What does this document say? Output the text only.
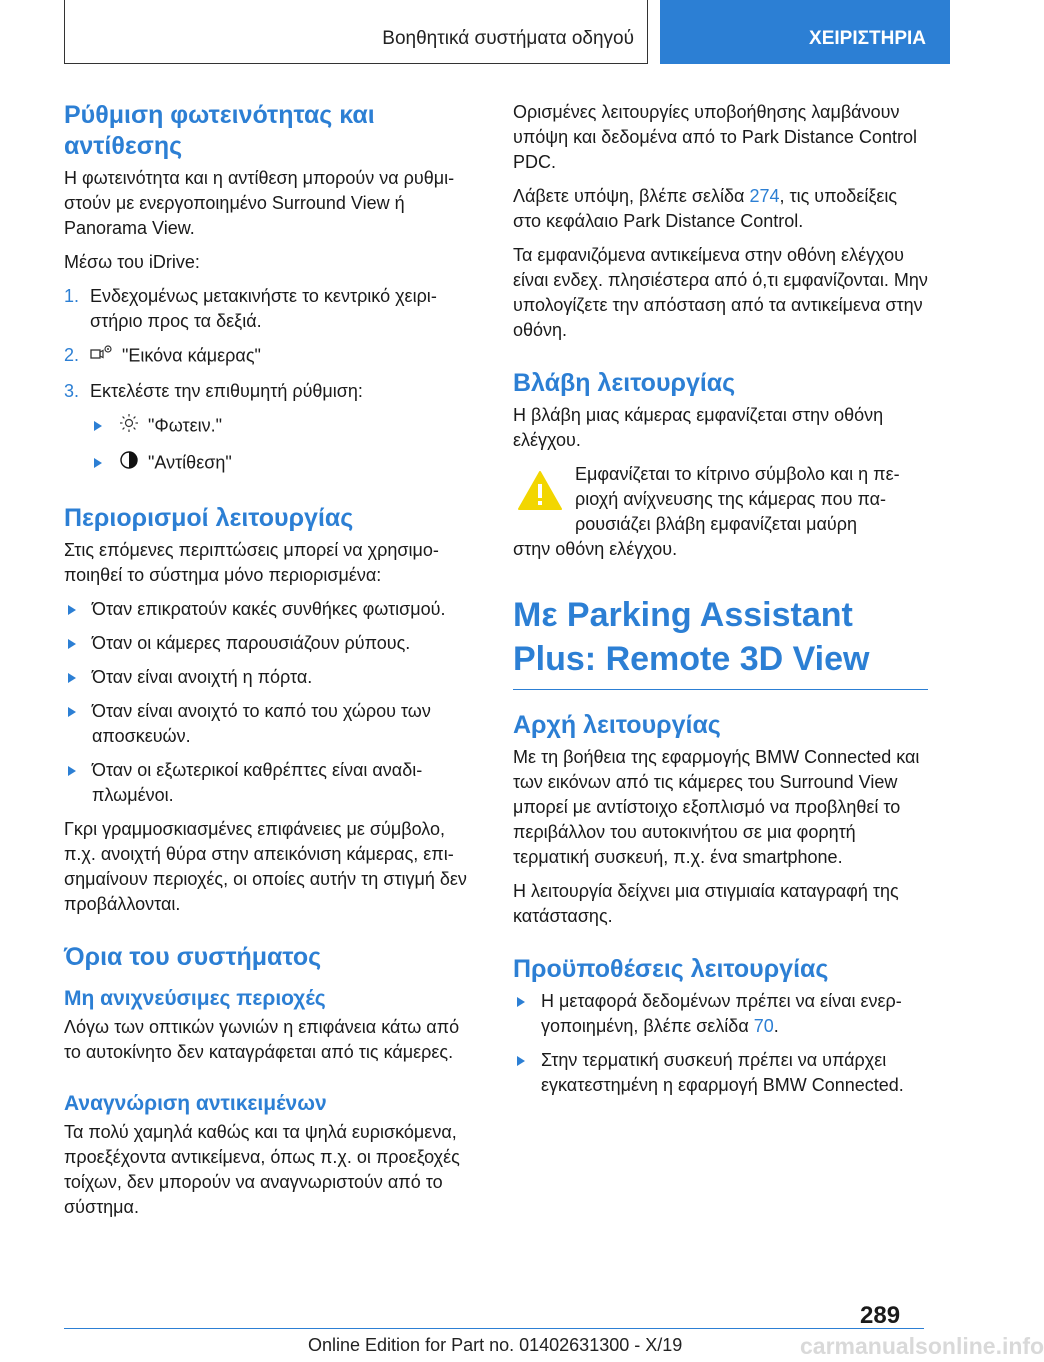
Βοηθητικά συστήματα οδηγού	ΧΕΙΡΙΣΤΗΡΙΑ
Ρύθμιση φωτεινότητας και αντίθεσης

Η φωτεινότητα και η αντίθεση μπορούν να ρυθμιστούν με ενεργοποιημένο Surround View ή Panorama View.

Μέσω του iDrive:

1. Ενδεχομένως μετακινήστε το κεντρικό χειριστήριο προς τα δεξιά.
2. "Εικόνα κάμερας"
3. Εκτελέστε την επιθυμητή ρύθμιση:
"Φωτειν."
"Αντίθεση"
Περιορισμοί λειτουργίας

Στις επόμενες περιπτώσεις μπορεί να χρησιμοποιηθεί το σύστημα μόνο περιορισμένα:

Όταν επικρατούν κακές συνθήκες φωτισμού.
Όταν οι κάμερες παρουσιάζουν ρύπους.
Όταν είναι ανοιχτή η πόρτα.
Όταν είναι ανοιχτό το καπό του χώρου των αποσκευών.
Όταν οι εξωτερικοί καθρέπτες είναι αναδιπλωμένοι.

Γκρι γραμμοσκιασμένες επιφάνειες με σύμβολο, π.χ. ανοιχτή θύρα στην απεικόνιση κάμερας, επισημαίνουν περιοχές, οι οποίες αυτήν τη στιγμή δεν προβάλλονται.

Όρια του συστήματος
Μη ανιχνεύσιμες περιοχές

Λόγω των οπτικών γωνιών η επιφάνεια κάτω από το αυτοκίνητο δεν καταγράφεται από τις κάμερες.

Αναγνώριση αντικειμένων

Τα πολύ χαμηλά καθώς και τα ψηλά ευρισκόμενα, προεξέχοντα αντικείμενα, όπως π.χ. οι προεξοχές τοίχων, δεν μπορούν να αναγνωριστούν από το σύστημα.

Ορισμένες λειτουργίες υποβοήθησης λαμβάνουν υπόψη και δεδομένα από το Park Distance Control PDC.

Λάβετε υπόψη, βλέπε σελίδα 274, τις υποδείξεις στο κεφάλαιο Park Distance Control.

Τα εμφανιζόμενα αντικείμενα στην οθόνη ελέγχου είναι ενδεχ. πλησιέστερα από ό,τι εμφανίζονται. Μην υπολογίζετε την απόσταση από τα αντικείμενα στην οθόνη.

Βλάβη λειτουργίας

Η βλάβη μιας κάμερας εμφανίζεται στην οθόνη ελέγχου.

Εμφανίζεται το κίτρινο σύμβολο και η περιοχή ανίχνευσης της κάμερας που παρουσιάζει βλάβη εμφανίζεται μαύρη
στην οθόνη ελέγχου.

Με Parking Assistant Plus: Remote 3D View
Αρχή λειτουργίας

Με τη βοήθεια της εφαρμογής BMW Connected και των εικόνων από τις κάμερες του Surround View μπορεί με αντίστοιχο εξοπλισμό να προβληθεί το περιβάλλον του αυτοκινήτου σε μια φορητή τερματική συσκευή, π.χ. ένα smartphone.

Η λειτουργία δείχνει μια στιγμιαία καταγραφή της κατάστασης.

Προϋποθέσεις λειτουργίας
Η μεταφορά δεδομένων πρέπει να είναι ενεργοποιημένη, βλέπε σελίδα 70.
Στην τερματική συσκευή πρέπει να υπάρχει εγκατεστημένη η εφαρμογή BMW Connected.
289
Online Edition for Part no. 01402631300 - X/19	carmanualsonline.info
